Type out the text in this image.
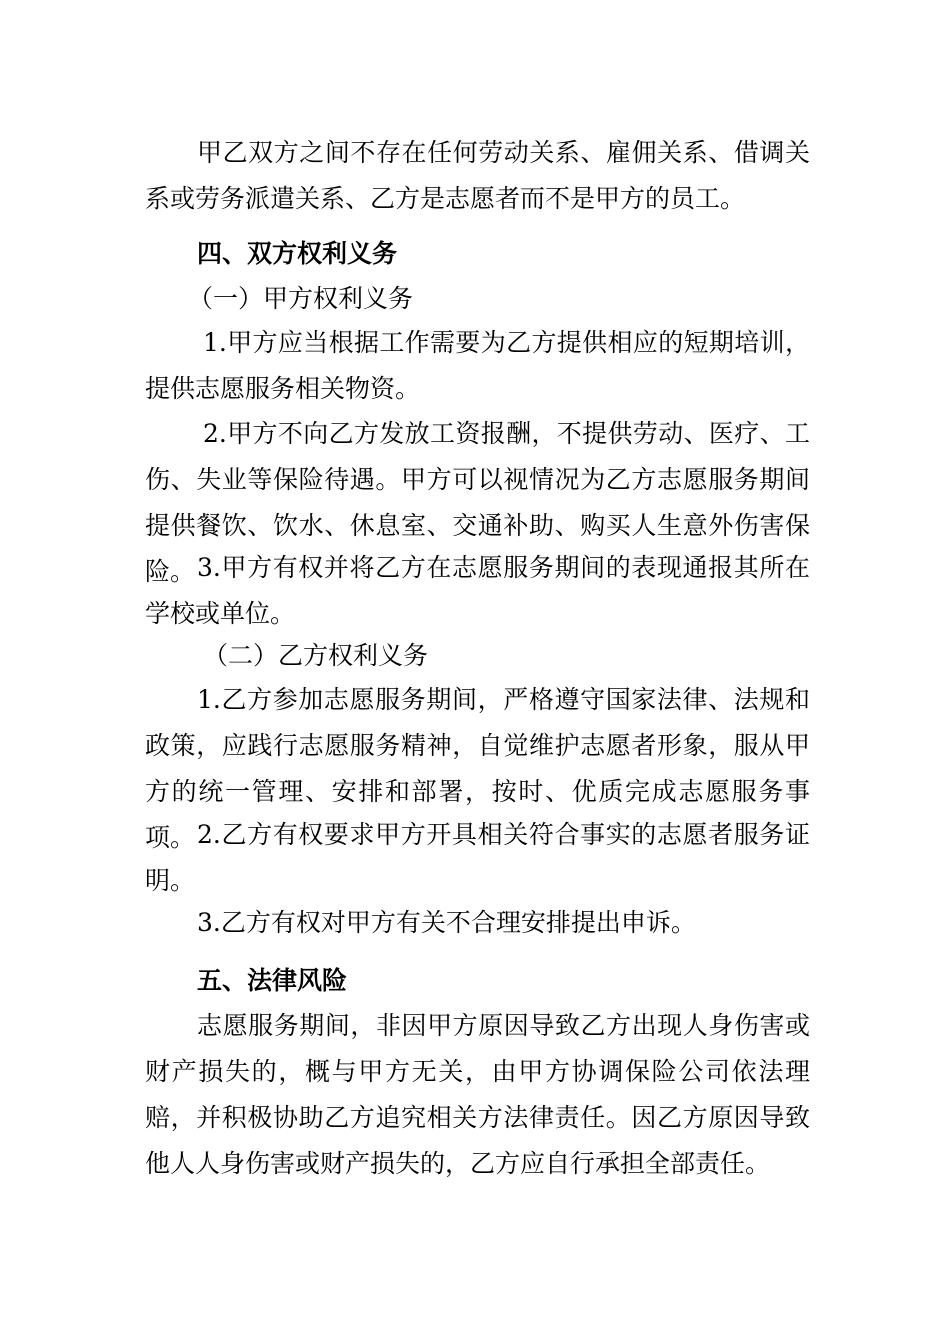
甲乙双方之间不存在任何劳动关系、雇佣关系、借调关系或劳务派遣关系、乙方是志愿者而不是甲方的员工。

四、双方权利义务

（一）甲方权利义务

1.甲方应当根据工作需要为乙方提供相应的短期培训，提供志愿服务相关物资。

2.甲方不向乙方发放工资报酬，不提供劳动、医疗、工伤、失业等保险待遇。甲方可以视情况为乙方志愿服务期间提供餐饮、饮水、休息室、交通补助、购买人生意外伤害保险。 3.甲方有权并将乙方在志愿服务期间的表现通报其所在学校或单位。

（二）乙方权利义务

1.乙方参加志愿服务期间，严格遵守国家法律、法规和政策，应践行志愿服务精神，自觉维护志愿者形象，服从甲方的统一管理、安排和部署，按时、优质完成志愿服务事项。 2.乙方有权要求甲方开具相关符合事实的志愿者服务证明。

3.乙方有权对甲方有关不合理安排提出申诉。

五、法律风险

志愿服务期间，非因甲方原因导致乙方出现人身伤害或财产损失的，概与甲方无关，由甲方协调保险公司依法理赔，并积极协助乙方追究相关方法律责任。因乙方原因导致他人人身伤害或财产损失的，乙方应自行承担全部责任。
